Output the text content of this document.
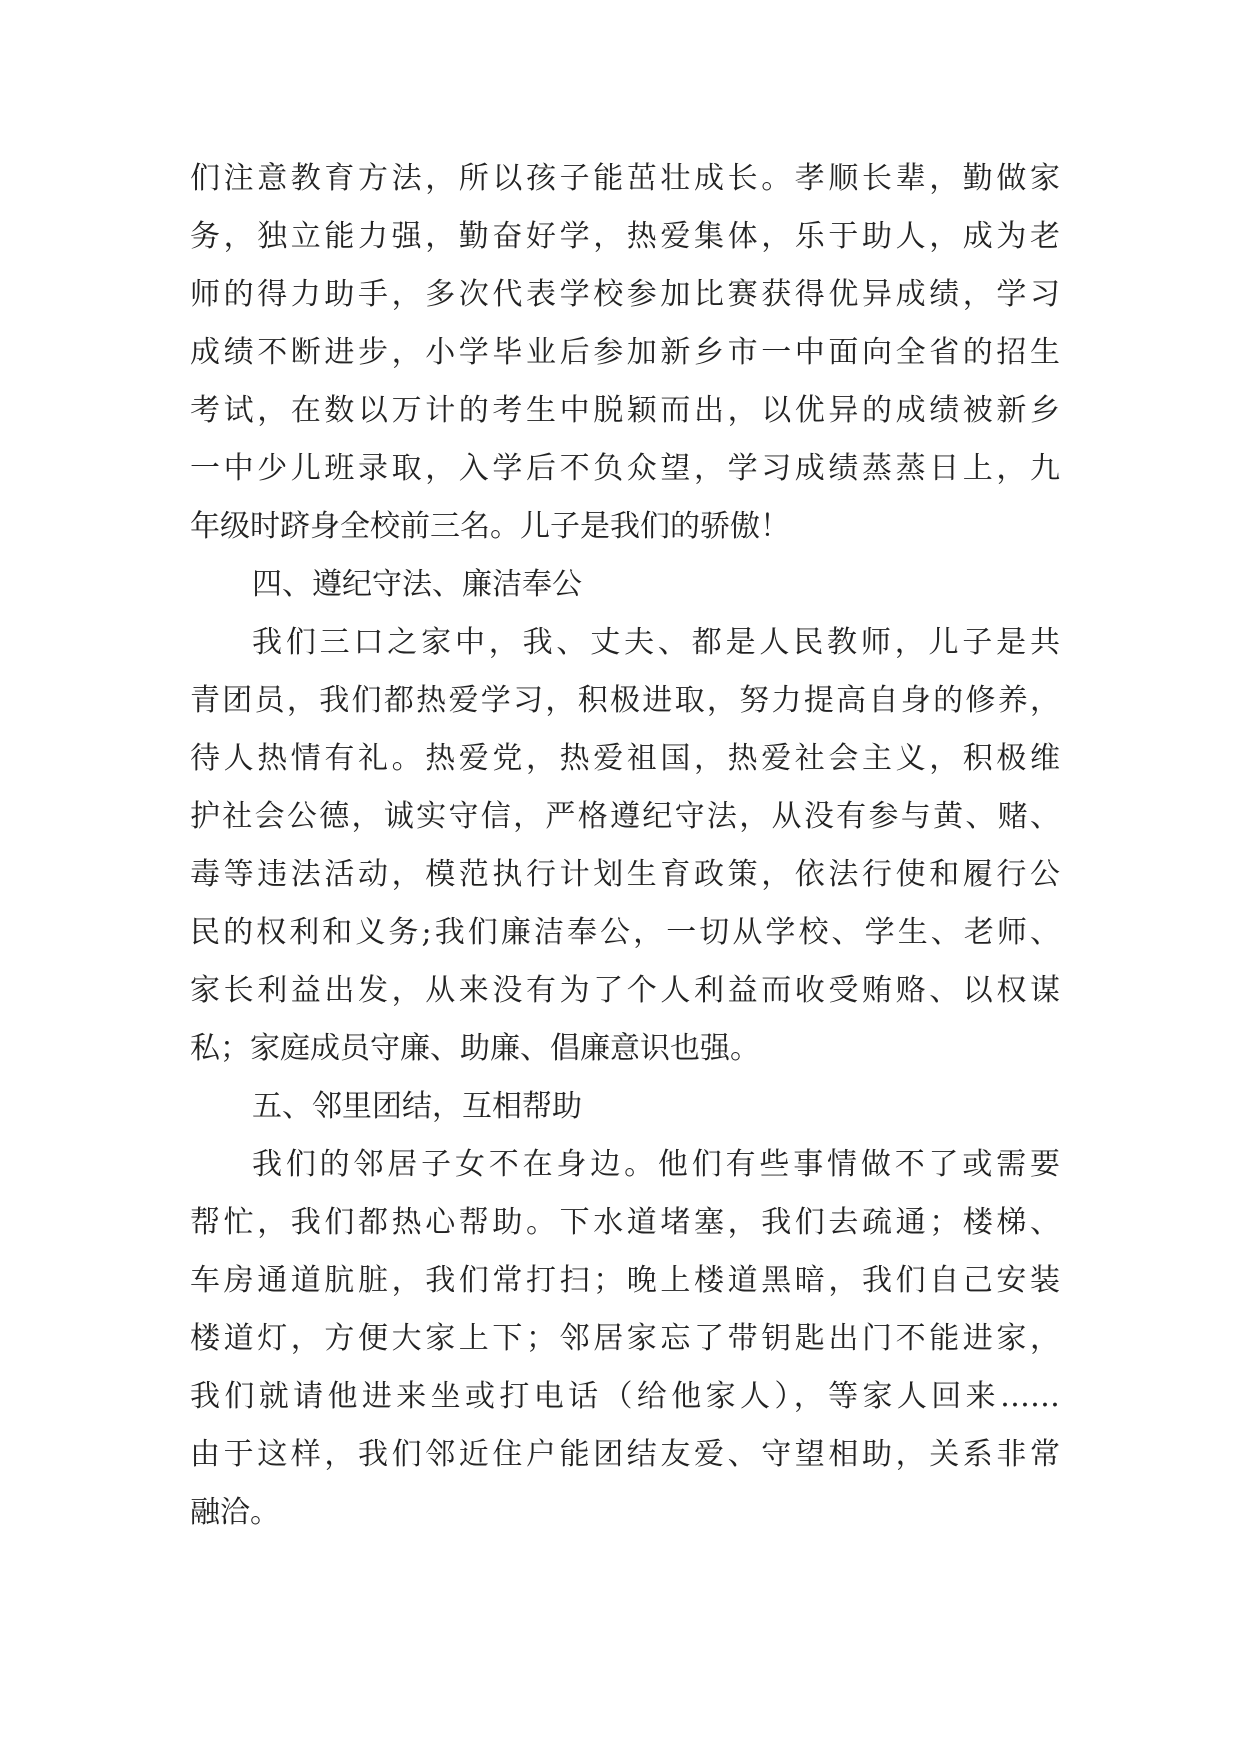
们注意教育方法，所以孩子能茁壮成长。孝顺长辈，勤做家
务，独立能力强，勤奋好学，热爱集体，乐于助人，成为老
师的得力助手，多次代表学校参加比赛获得优异成绩，学习
成绩不断进步，小学毕业后参加新乡市一中面向全省的招生
考试，在数以万计的考生中脱颖而出，以优异的成绩被新乡
一中少儿班录取，入学后不负众望，学习成绩蒸蒸日上，九
年级时跻身全校前三名。儿子是我们的骄傲！
四、遵纪守法、廉洁奉公
我们三口之家中，我、丈夫、都是人民教师，儿子是共
青团员，我们都热爱学习，积极进取，努力提高自身的修养，
待人热情有礼。热爱党，热爱祖国，热爱社会主义，积极维
护社会公德，诚实守信，严格遵纪守法，从没有参与黄、赌、
毒等违法活动，模范执行计划生育政策，依法行使和履行公
民的权利和义务;我们廉洁奉公，一切从学校、学生、老师、
家长利益出发，从来没有为了个人利益而收受贿赂、以权谋
私；家庭成员守廉、助廉、倡廉意识也强。
五、邻里团结，互相帮助
我们的邻居子女不在身边。他们有些事情做不了或需要
帮忙，我们都热心帮助。下水道堵塞，我们去疏通；楼梯、
车房通道肮脏，我们常打扫；晚上楼道黑暗，我们自己安装
楼道灯，方便大家上下；邻居家忘了带钥匙出门不能进家，
我们就请他进来坐或打电话（给他家人），等家人回来……
由于这样，我们邻近住户能团结友爱、守望相助，关系非常
融洽。
